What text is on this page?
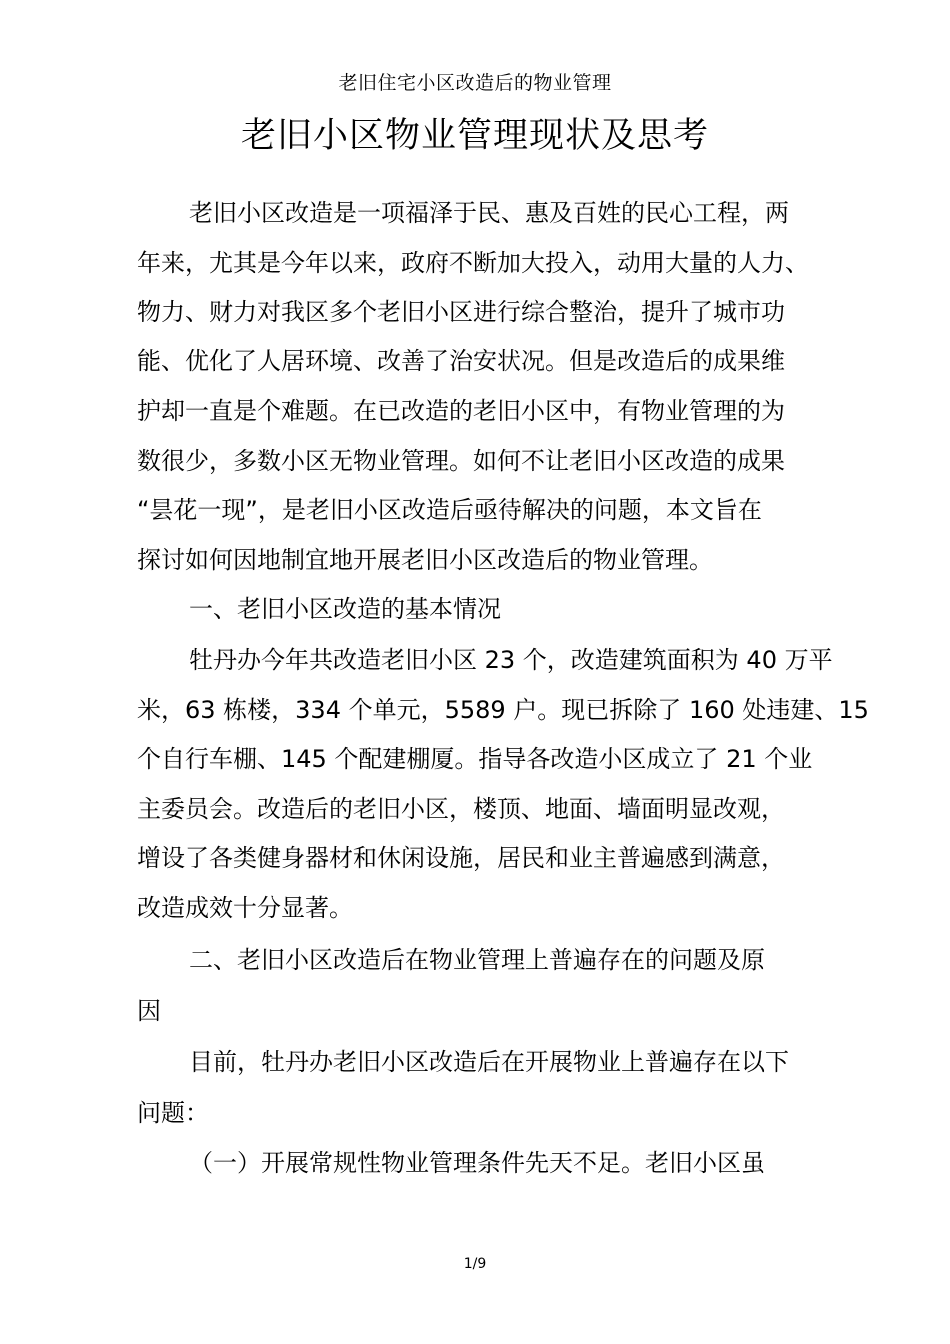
老旧住宅小区改造后的物业管理
老旧小区物业管理现状及思考
老旧小区改造是一项福泽于民、惠及百姓的民心工程，两
年来，尤其是今年以来，政府不断加大投入，动用大量的人力、
物力、财力对我区多个老旧小区进行综合整治，提升了城市功
能、优化了人居环境、改善了治安状况。但是改造后的成果维
护却一直是个难题。在已改造的老旧小区中，有物业管理的为
数很少，多数小区无物业管理。如何不让老旧小区改造的成果
“昙花一现”，是老旧小区改造后亟待解决的问题，本文旨在
探讨如何因地制宜地开展老旧小区改造后的物业管理。
一、老旧小区改造的基本情况
牡丹办今年共改造老旧小区 23 个，改造建筑面积为 40 万平
米，63 栋楼，334 个单元，5589 户。现已拆除了 160 处违建、15
个自行车棚、145 个配建棚厦。指导各改造小区成立了 21 个业
主委员会。改造后的老旧小区，楼顶、地面、墙面明显改观，
增设了各类健身器材和休闲设施，居民和业主普遍感到满意，
改造成效十分显著。
二、老旧小区改造后在物业管理上普遍存在的问题及原
因
目前，牡丹办老旧小区改造后在开展物业上普遍存在以下
问题：
（一）开展常规性物业管理条件先天不足。老旧小区虽
1/9
